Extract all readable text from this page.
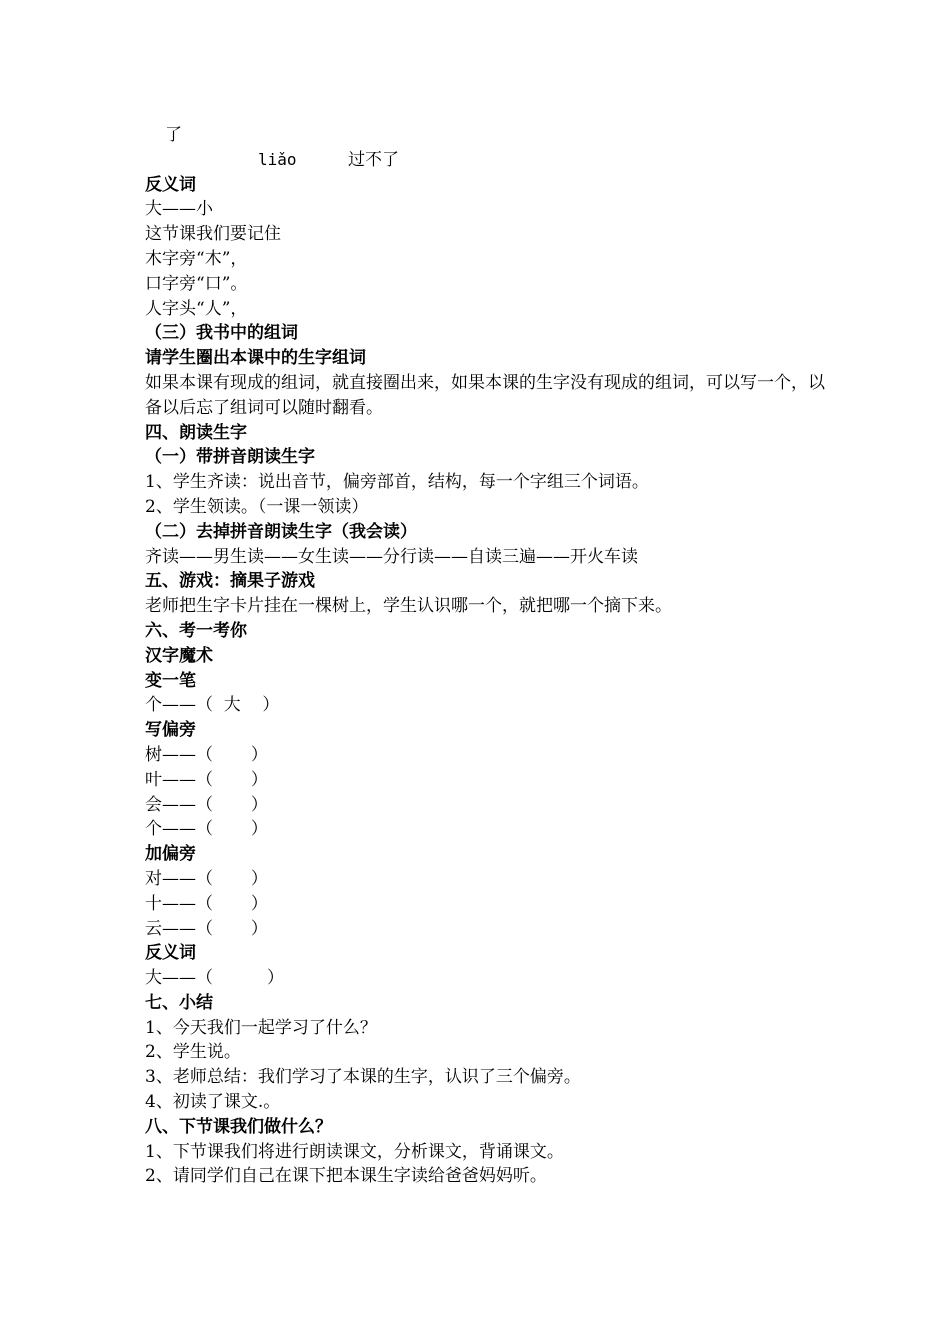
了
liǎo	过不了
反义词
大——小
这节课我们要记住
木字旁“木”，
口字旁“口”。
人字头“人”，
（三）我书中的组词
请学生圈出本课中的生字组词
如果本课有现成的组词，就直接圈出来，如果本课的生字没有现成的组词，可以写一个，以备以后忘了组词可以随时翻看。
四、朗读生字
（一）带拼音朗读生字
1、学生齐读：说出音节，偏旁部首，结构，每一个字组三个词语。
2、学生领读。（一课一领读）
（二）去掉拼音朗读生字（我会读）
齐读——男生读——女生读——分行读——自读三遍——开火车读
五、游戏：摘果子游戏
老师把生字卡片挂在一棵树上，学生认识哪一个，就把哪一个摘下来。
六、考一考你
汉字魔术
变一笔
个——（  大    ）
写偏旁
树——（       ）
叶——（       ）
会——（       ）
个——（       ）
加偏旁
对——（       ）
十——（       ）
云——（       ）
反义词
大——（          ）
七、小结
1、今天我们一起学习了什么？
2、学生说。
3、老师总结：我们学习了本课的生字，认识了三个偏旁。
4、初读了课文.。
八、下节课我们做什么？
1、下节课我们将进行朗读课文，分析课文，背诵课文。
2、请同学们自己在课下把本课生字读给爸爸妈妈听。
